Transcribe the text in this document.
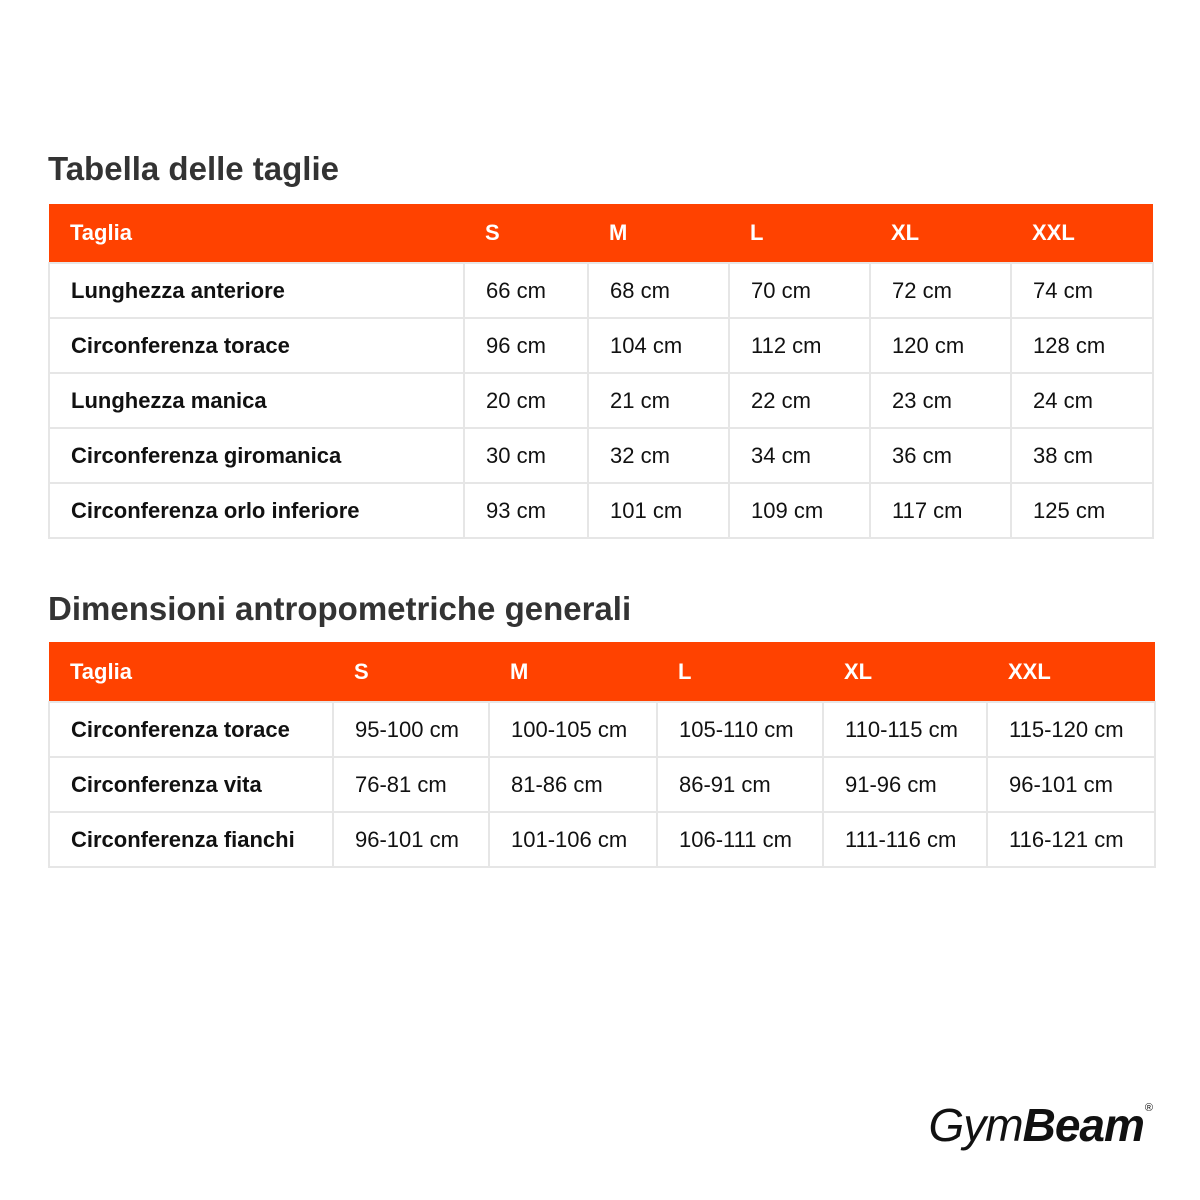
Tabella delle taglie
Taglia	S	M	L	XL	XXL
Lunghezza anteriore	66 cm	68 cm	70 cm	72 cm	74 cm
Circonferenza torace	96 cm	104 cm	112 cm	120 cm	128 cm
Lunghezza manica	20 cm	21 cm	22 cm	23 cm	24 cm
Circonferenza giromanica	30 cm	32 cm	34 cm	36 cm	38 cm
Circonferenza orlo inferiore	93 cm	101 cm	109 cm	117 cm	125 cm
Dimensioni antropometriche generali
Taglia	S	M	L	XL	XXL
Circonferenza torace	95-100 cm	100-105 cm	105-110 cm	110-115 cm	115-120 cm
Circonferenza vita	76-81 cm	81-86 cm	86-91 cm	91-96 cm	96-101 cm
Circonferenza fianchi	96-101 cm	101-106 cm	106-111 cm	111-116 cm	116-121 cm
Gym Beam ®
